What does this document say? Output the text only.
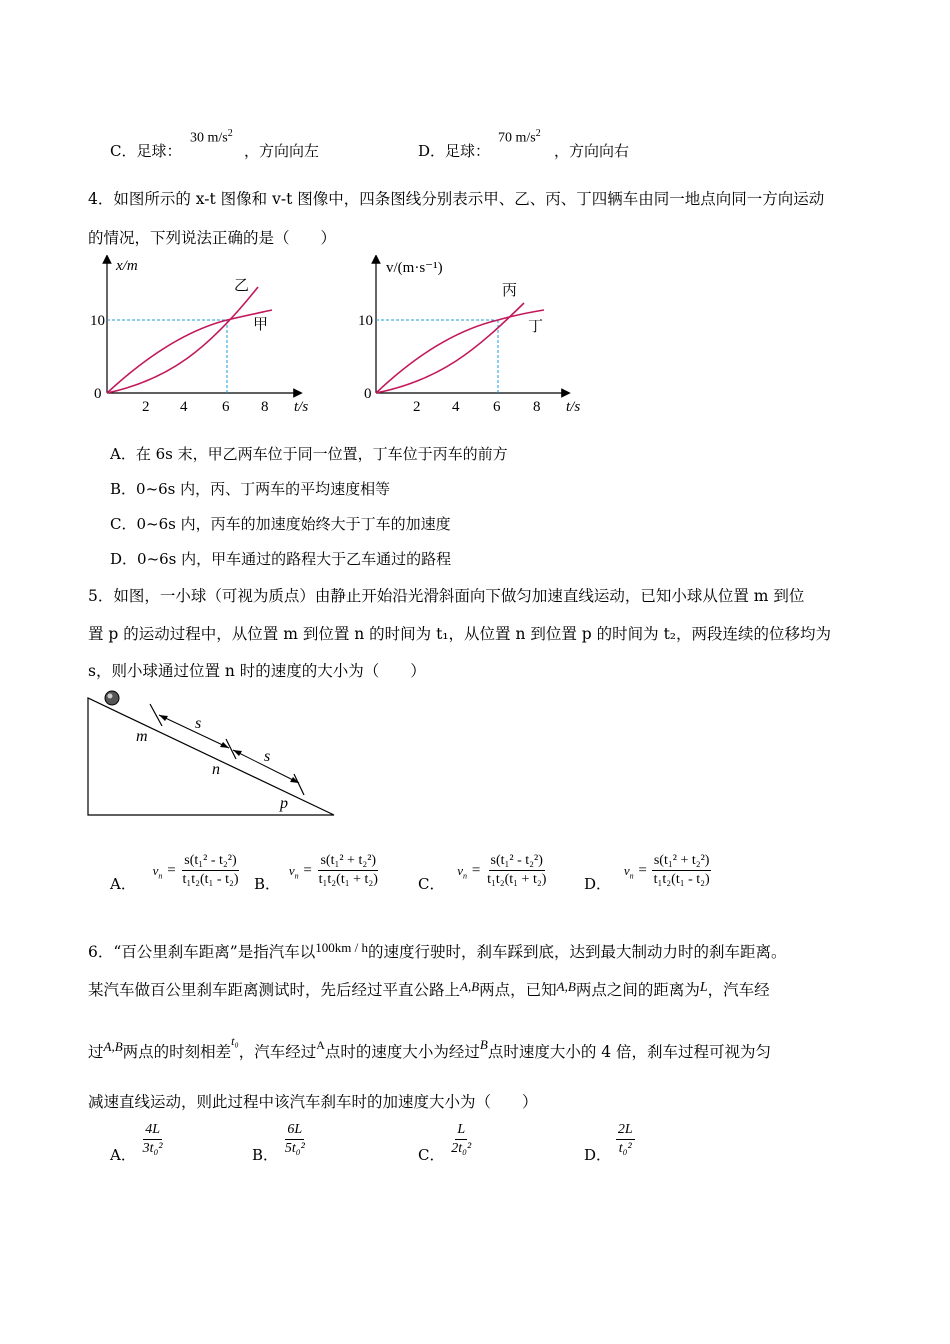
C．足球：
30 $m/s^2$
，方向向左	D．足球：
70 $m/s^2$
，方向向右
4．如图所示的 x-t 图像和 v-t 图像中，四条图线分别表示甲、乙、丙、丁四辆车由同一地点向同一方向运动
的情况，下列说法正确的是（　　）
x/m
10
0
2 4 6 8 t/s
乙
甲
v/(m·s⁻¹)
10
0
2 4 6 8 t/s
丙
丁
A．在 6s 末，甲乙两车位于同一位置，丁车位于丙车的前方
B．0~6s 内，丙、丁两车的平均速度相等
C．0~6s 内，丙车的加速度始终大于丁车的加速度
D．0~6s 内，甲车通过的路程大于乙车通过的路程
5．如图，一小球（可视为质点）由静止开始沿光滑斜面向下做匀加速直线运动，已知小球从位置 m 到位
置 p 的运动过程中，从位置 m 到位置 n 的时间为 t₁，从位置 n 到位置 p 的时间为 t₂，两段连续的位移均为
s，则小球通过位置 n 时的速度的大小为（　　）
m
n
p
s
s
A． $v_n = \frac{\text{s(t₁² - t₂²)}}{\text{t₁t₂(t₁ - t₂)}}$ B． $v_n = \frac{\text{s(t₁² + t₂²)}}{\text{t₁t₂(t₁ + t₂)}}$	C． $v_n = \frac{\text{s(t₁² - t₂²)}}{\text{t₁t₂(t₁ + t₂)}}$ D． $v_n = \frac{\text{s(t₁² + t₂²)}}{\text{t₁t₂(t₁ - t₂)}}$
6．“百公里刹车距离”是指汽车以$^{100km / h}$的速度行驶时，刹车踩到底，达到最大制动力时的刹车距离。
某汽车做百公里刹车距离测试时，先后经过平直公路上$^{A,B}$两点，已知$^{A,B}$两点之间的距离为L，汽车经
过$^{A,B}$两点的时刻相差$^{t_0}$，汽车经过$^A$点时的速度大小为经过$^B$点时速度大小的 4 倍，刹车过程可视为匀
减速直线运动，则此过程中该汽车刹车时的加速度大小为（　　）
A． $\frac{4L}{\text{3t₀²}}$	B． $\frac{6L}{\text{5t₀²}}$	C． $\frac{L}{\text{2t₀²}}$	D． $\frac{2L}{\text{t₀²}}$
